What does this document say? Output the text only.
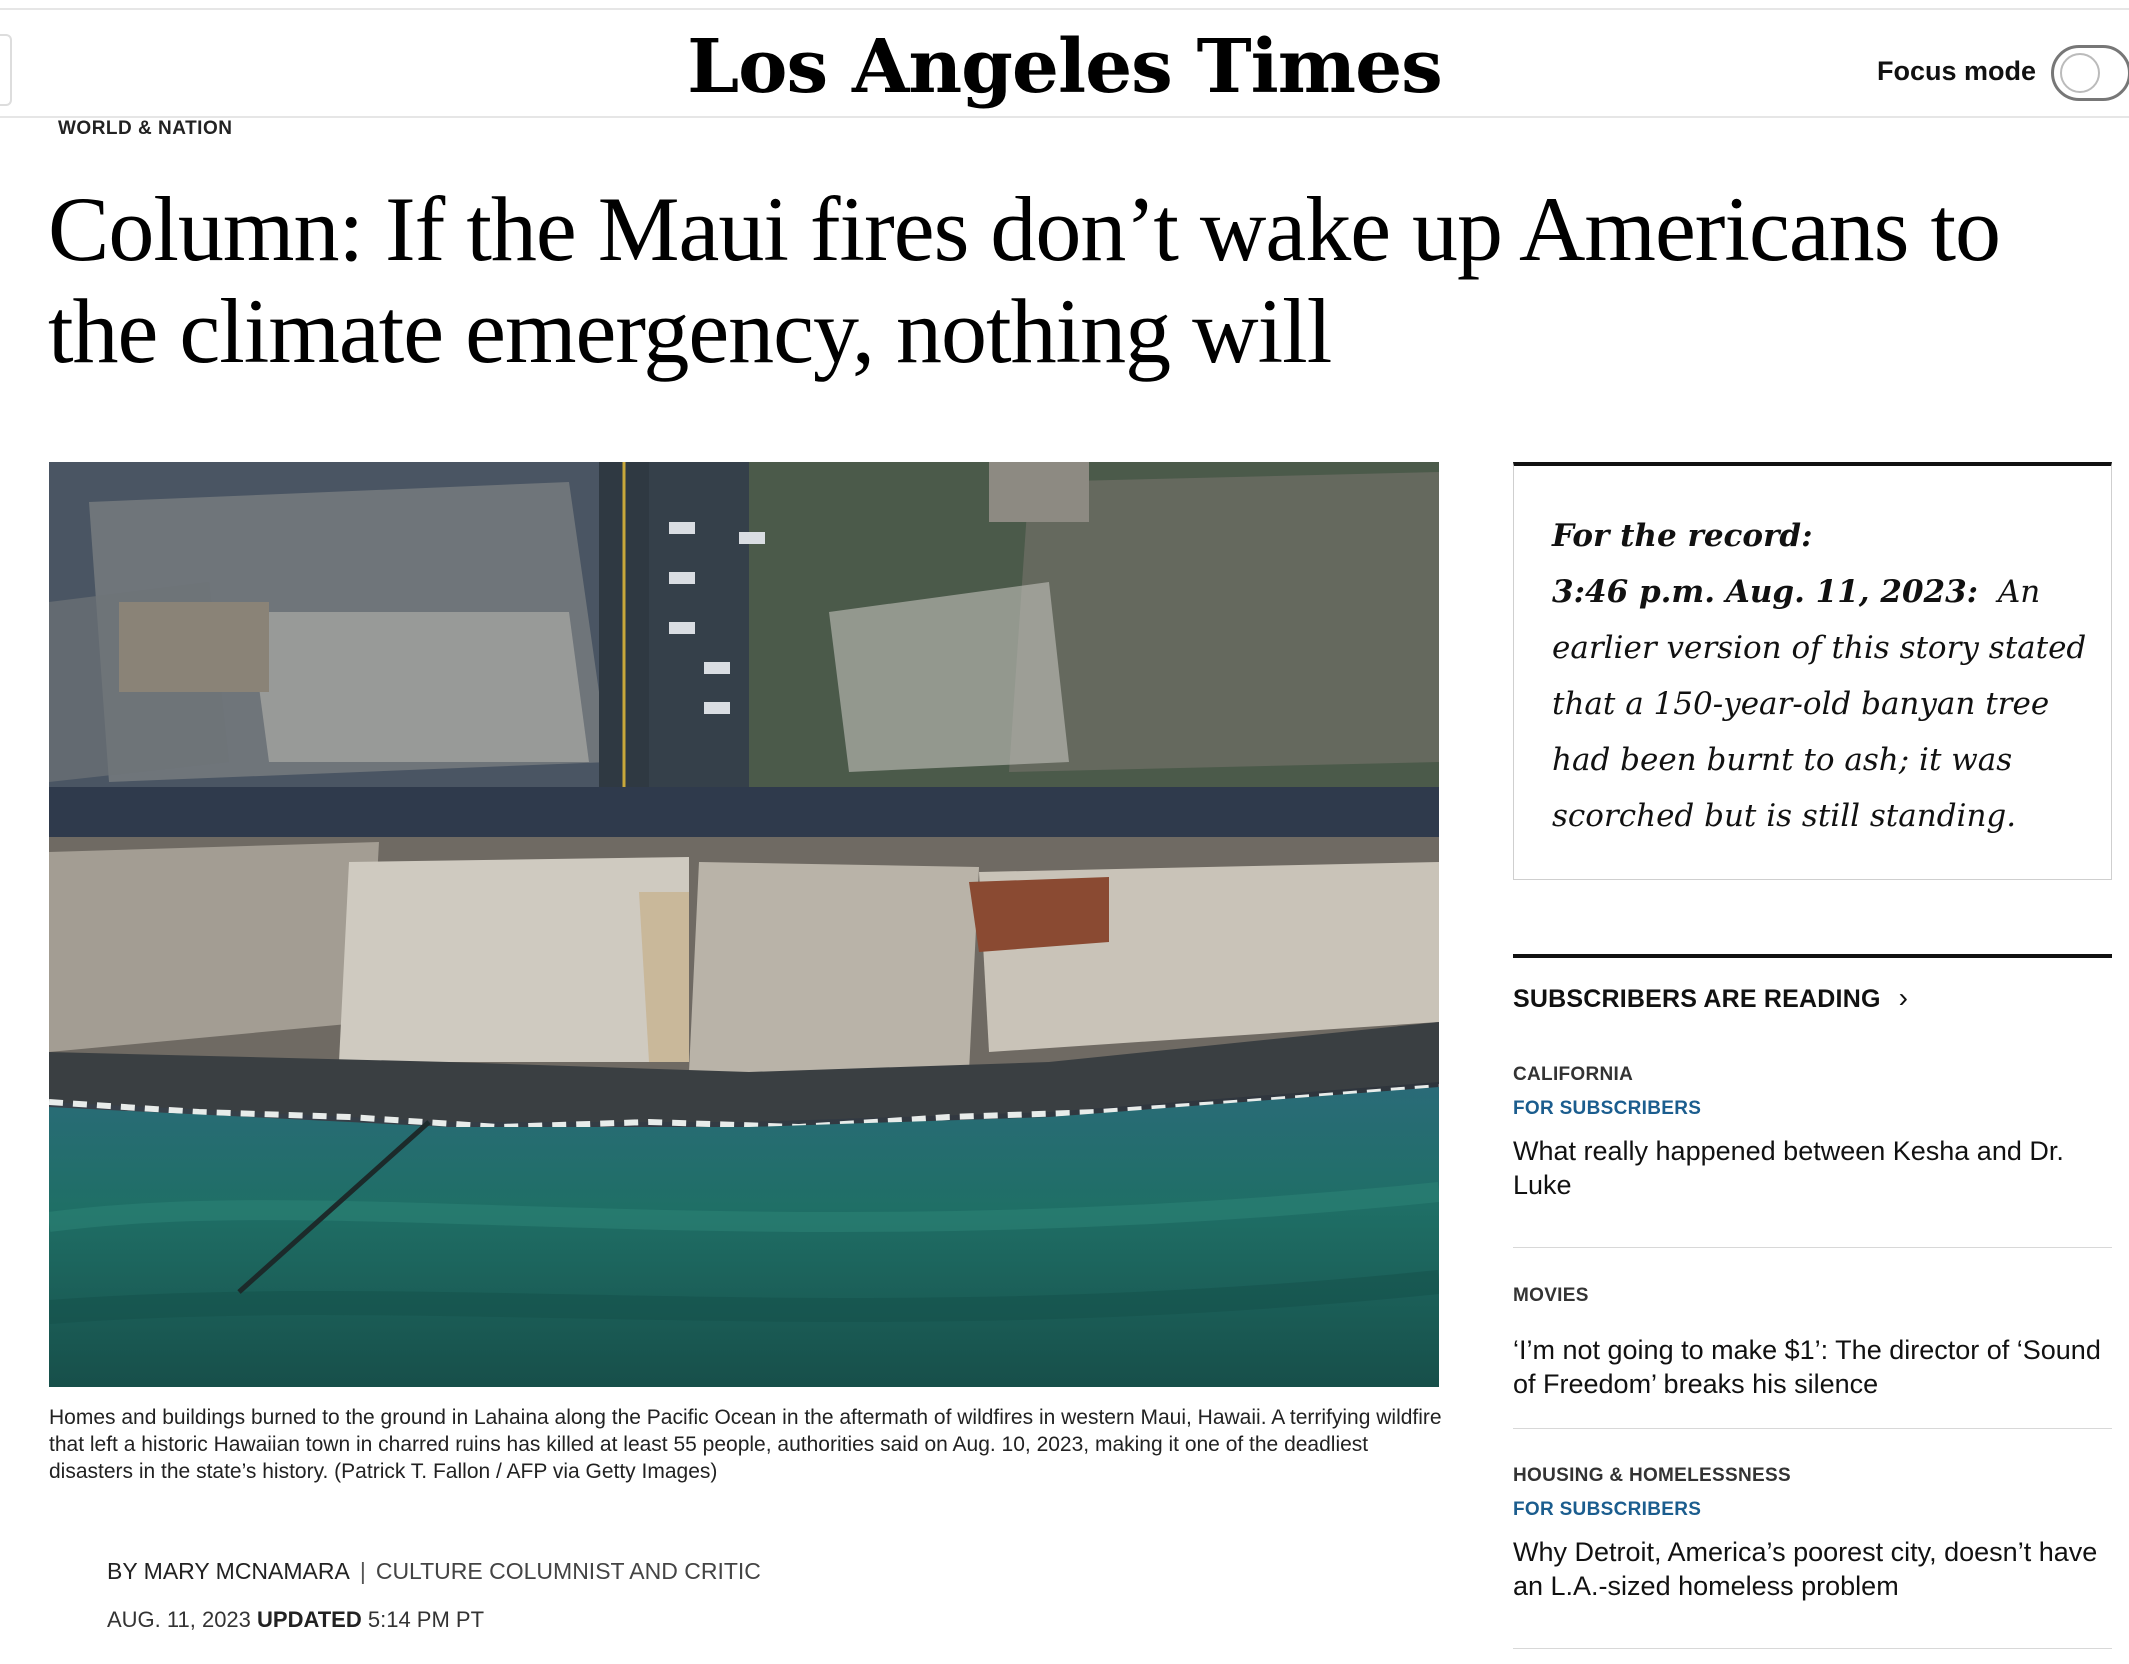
Los Angeles Times	Focus mode
WORLD & NATION
Column: If the Maui fires don’t wake up Americans to the climate emergency, nothing will

Homes and buildings burned to the ground in Lahaina along the Pacific Ocean in the aftermath of wildfires in western Maui, Hawaii. A terrifying wildfire that left a historic Hawaiian town in charred ruins has killed at least 55 people, authorities said on Aug. 10, 2023, making it one of the deadliest disasters in the state’s history. (Patrick T. Fallon / AFP via Getty Images)

BY MARY MCNAMARA | CULTURE COLUMNIST AND CRITIC
AUG. 11, 2023 UPDATED 5:14 PM PT
For the record:
3:46 p.m. Aug. 11, 2023: An earlier version of this story stated that a 150-year-old banyan tree had been burnt to ash; it was scorched but is still standing.
SUBSCRIBERS ARE READING ›
CALIFORNIA
FOR SUBSCRIBERS
What really happened between Kesha and Dr. Luke
MOVIES
‘I’m not going to make $1’: The director of ‘Sound of Freedom’ breaks his silence
HOUSING & HOMELESSNESS
FOR SUBSCRIBERS
Why Detroit, America’s poorest city, doesn’t have an L.A.-sized homeless problem
